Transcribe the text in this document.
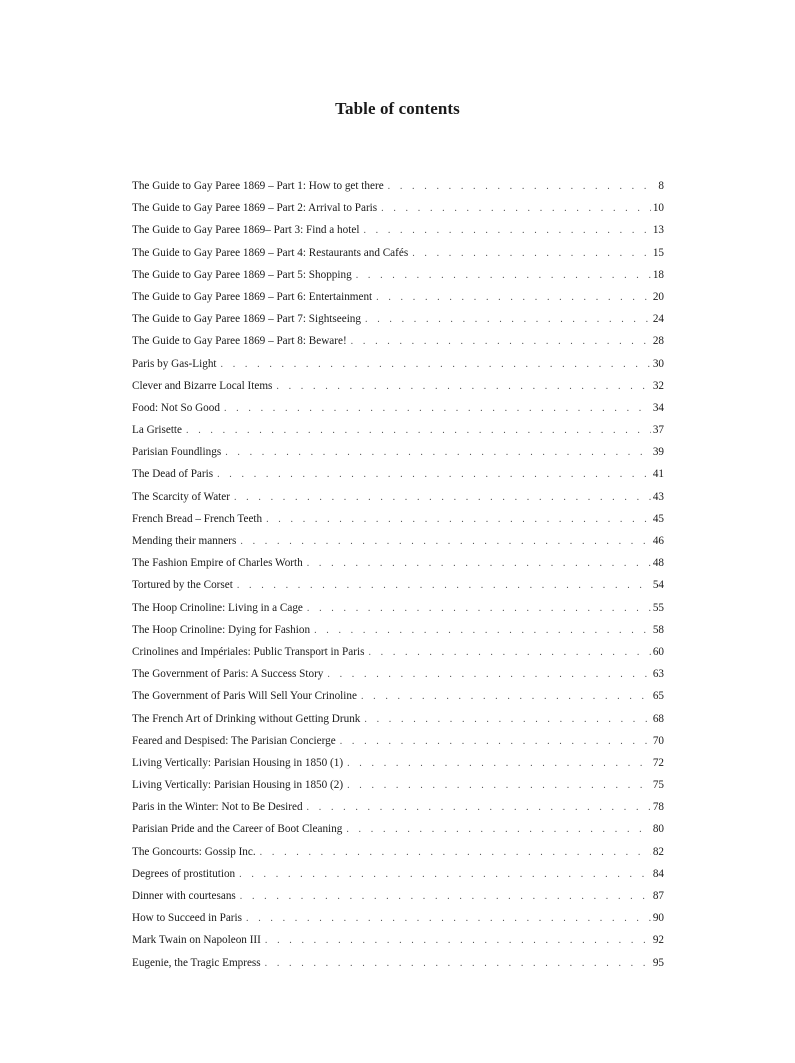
Table of contents
The Guide to Gay Paree 1869 – Part 1: How to get there . . .	8
The Guide to Gay Paree 1869 – Part 2: Arrival to Paris . . .	10
The Guide to Gay Paree 1869– Part 3: Find a hotel . . .	13
The Guide to Gay Paree 1869 – Part 4: Restaurants and Cafés . . .	15
The Guide to Gay Paree 1869 – Part 5: Shopping . . .	18
The Guide to Gay Paree 1869 – Part 6: Entertainment . . .	20
The Guide to Gay Paree 1869 – Part 7: Sightseeing . . .	24
The Guide to Gay Paree 1869 – Part 8: Beware! . . .	28
Paris by Gas-Light . . .	30
Clever and Bizarre Local Items . . .	32
Food: Not So Good . . .	34
La Grisette . . .	37
Parisian Foundlings . . .	39
The Dead of Paris . . .	41
The Scarcity of Water . . .	43
French Bread – French Teeth . . .	45
Mending their manners . . .	46
The Fashion Empire of Charles Worth . . .	48
Tortured by the Corset . . .	54
The Hoop Crinoline: Living in a Cage . . .	55
The Hoop Crinoline: Dying for Fashion . . .	58
Crinolines and Impériales: Public Transport in Paris . . .	60
The Government of Paris: A Success Story . . .	63
The Government of Paris Will Sell Your Crinoline . . .	65
The French Art of Drinking without Getting Drunk . . .	68
Feared and Despised: The Parisian Concierge . . .	70
Living Vertically: Parisian Housing in 1850 (1) . . .	72
Living Vertically: Parisian Housing in 1850 (2) . . .	75
Paris in the Winter: Not to Be Desired . . .	78
Parisian Pride and the Career of Boot Cleaning . . .	80
The Goncourts: Gossip Inc. . . .	82
Degrees of prostitution . . .	84
Dinner with courtesans . . .	87
How to Succeed in Paris . . .	90
Mark Twain on Napoleon III . . .	92
Eugenie, the Tragic Empress . . .	95
